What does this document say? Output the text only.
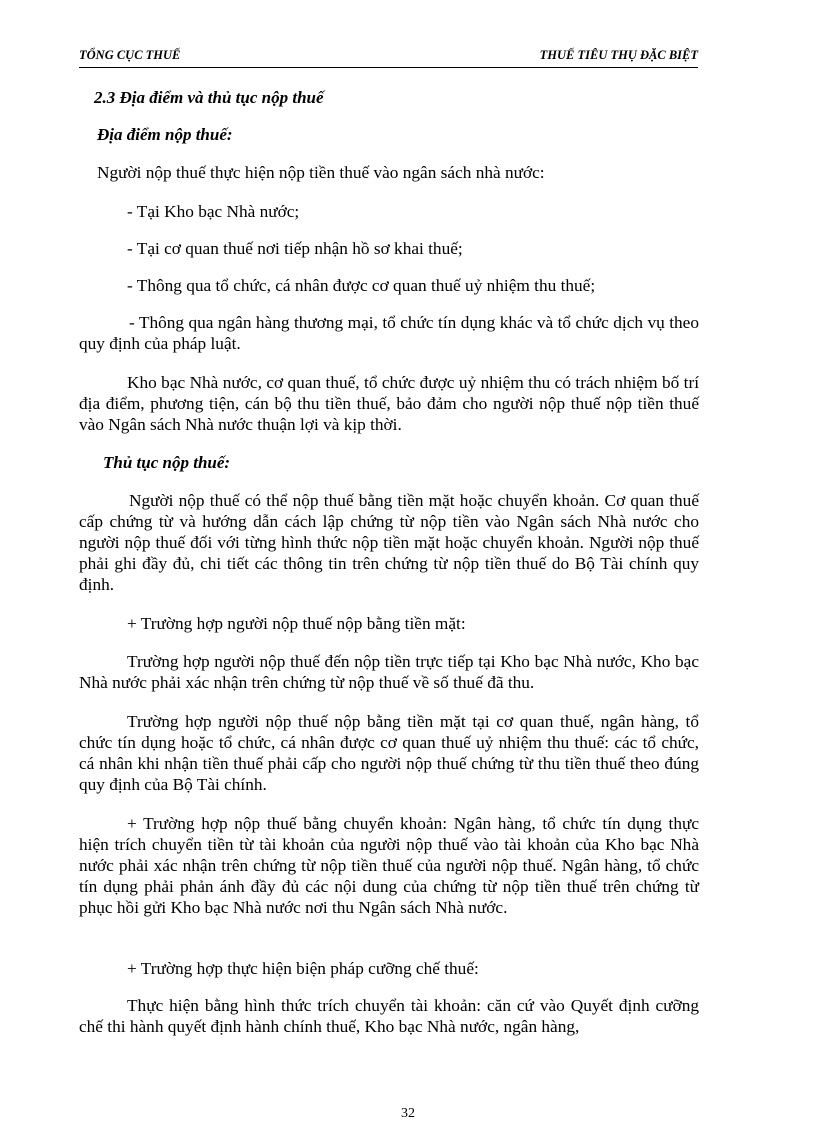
TỔNG CỤC THUẾ	THUẾ TIÊU THỤ ĐẶC BIỆT
2.3 Địa điểm và thủ tục nộp thuế
Địa điểm nộp thuế:
Người nộp thuế thực hiện nộp tiền thuế vào ngân sách nhà nước:
- Tại Kho bạc Nhà nước;
- Tại cơ quan thuế nơi tiếp nhận hồ sơ khai thuế;
- Thông qua tổ chức, cá nhân được cơ quan thuế uỷ nhiệm thu thuế;
- Thông qua ngân hàng thương mại, tổ chức tín dụng khác và tổ chức dịch vụ theo quy định của pháp luật.
Kho bạc Nhà nước, cơ quan thuế, tổ chức được uỷ nhiệm thu có trách nhiệm bố trí địa điểm, phương tiện, cán bộ thu tiền thuế, bảo đảm cho người nộp thuế nộp tiền thuế vào Ngân sách Nhà nước thuận lợi và kịp thời.
Thủ tục nộp thuế:
Người nộp thuế có thể nộp thuế bằng tiền mặt hoặc chuyển khoản. Cơ quan thuế cấp chứng từ và hướng dẫn cách lập chứng từ nộp tiền vào Ngân sách Nhà nước cho người nộp thuế đối với từng hình thức nộp tiền mặt hoặc chuyển khoản. Người nộp thuế phải ghi đầy đủ, chi tiết các thông tin trên chứng từ nộp tiền thuế do Bộ Tài chính quy định.
+ Trường hợp người nộp thuế nộp bằng tiền mặt:
Trường hợp người nộp thuế đến nộp tiền trực tiếp tại Kho bạc Nhà nước, Kho bạc Nhà nước phải xác nhận trên chứng từ nộp thuế về số thuế đã thu.
Trường hợp người nộp thuế nộp bằng tiền mặt tại cơ quan thuế, ngân hàng, tổ chức tín dụng hoặc tổ chức, cá nhân được cơ quan thuế uỷ nhiệm thu thuế: các tổ chức, cá nhân khi nhận tiền thuế phải cấp cho người nộp thuế chứng từ thu tiền thuế theo đúng quy định của Bộ Tài chính.
+ Trường hợp nộp thuế bằng chuyển khoản: Ngân hàng, tổ chức tín dụng thực hiện trích chuyển tiền từ tài khoản của người nộp thuế vào tài khoản của Kho bạc Nhà nước phải xác nhận trên chứng từ nộp tiền thuế của người nộp thuế. Ngân hàng, tổ chức tín dụng phải phản ánh đầy đủ các nội dung của chứng từ nộp tiền thuế trên chứng từ phục hồi gửi Kho bạc Nhà nước nơi thu Ngân sách Nhà nước.
+ Trường hợp thực hiện biện pháp cưỡng chế thuế:
Thực hiện bằng hình thức trích chuyển tài khoản: căn cứ vào Quyết định cưỡng chế thi hành quyết định hành chính thuế, Kho bạc Nhà nước, ngân hàng,
32
